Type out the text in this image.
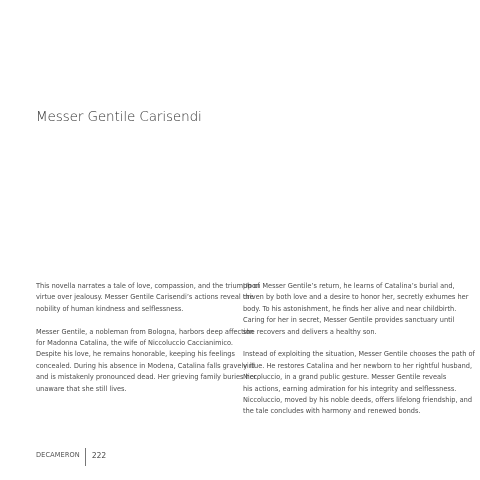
Messer Gentile Carisendi

This novella narrates a tale of love, compassion, and the triumph of
virtue over jealousy. Messer Gentile Carisendi’s actions reveal the
nobility of human kindness and selflessness.

Messer Gentile, a nobleman from Bologna, harbors deep affection
for Madonna Catalina, the wife of Niccoluccio Caccianimico.
Despite his love, he remains honorable, keeping his feelings
concealed. During his absence in Modena, Catalina falls gravely ill
and is mistakenly pronounced dead. Her grieving family buries her,
unaware that she still lives.

Upon Messer Gentile’s return, he learns of Catalina’s burial and,
driven by both love and a desire to honor her, secretly exhumes her
body. To his astonishment, he finds her alive and near childbirth.
Caring for her in secret, Messer Gentile provides sanctuary until
she recovers and delivers a healthy son.

Instead of exploiting the situation, Messer Gentile chooses the path of
virtue. He restores Catalina and her newborn to her rightful husband,
Niccoluccio, in a grand public gesture. Messer Gentile reveals
his actions, earning admiration for his integrity and selflessness.
Niccoluccio, moved by his noble deeds, offers lifelong friendship, and
the tale concludes with harmony and renewed bonds.

DECAMERON 222
